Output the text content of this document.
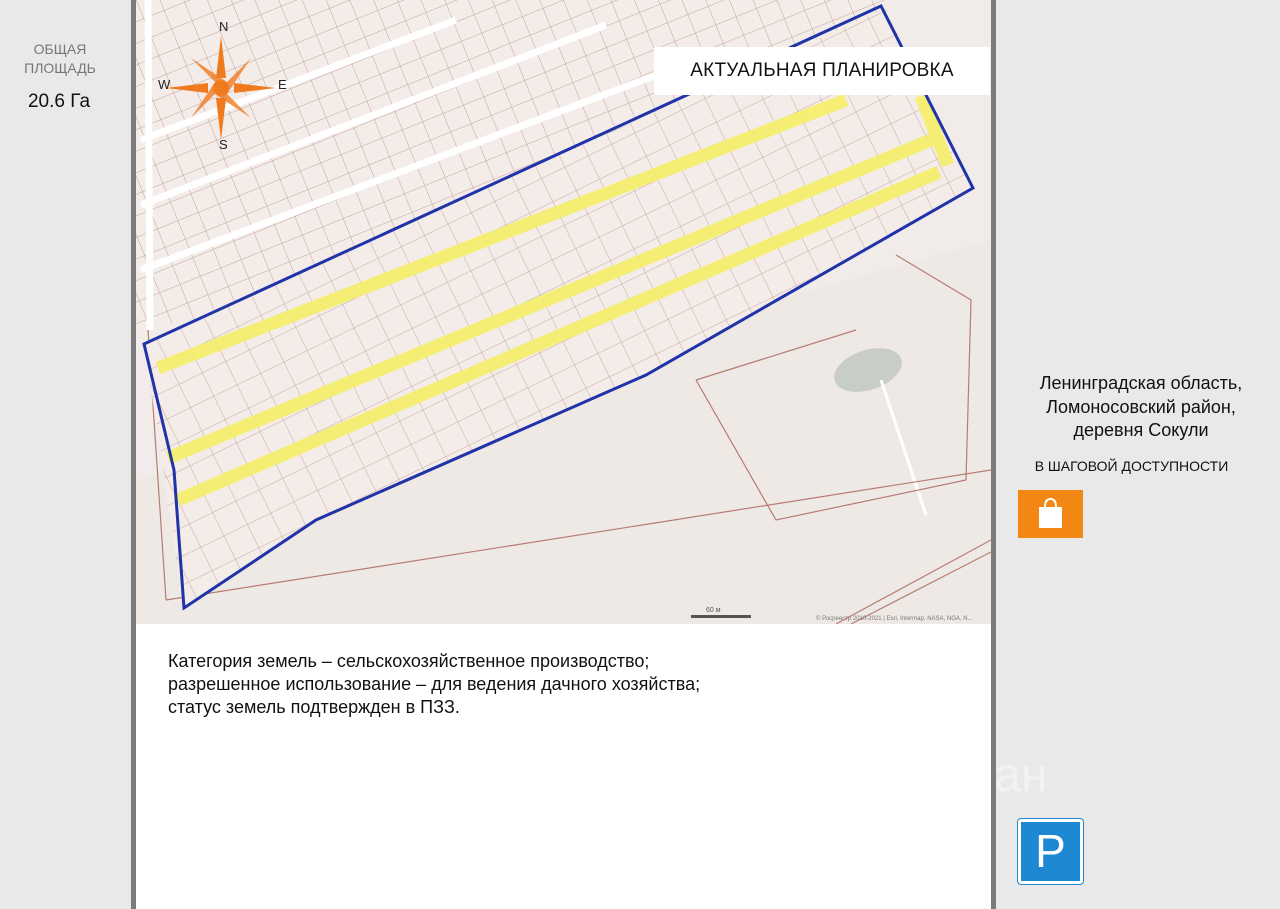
ОБЩАЯ
ПЛОЩАДЬ
20.6 Га
60 м
© Росреестр 2010-2021 | Esri, Intermap, NASA, NGA, N...
АКТУАЛЬНАЯ ПЛАНИРОВКА
N
S
E
W
Категория земель – сельскохозяйственное производство;
разрешенное использование – для ведения дачного хозяйства;
статус земель подтвержден в ПЗЗ.
Ленинградская область,
Ломоносовский район,
деревня Сокули
В ШАГОВОЙ ДОСТУПНОСТИ
циан
P
